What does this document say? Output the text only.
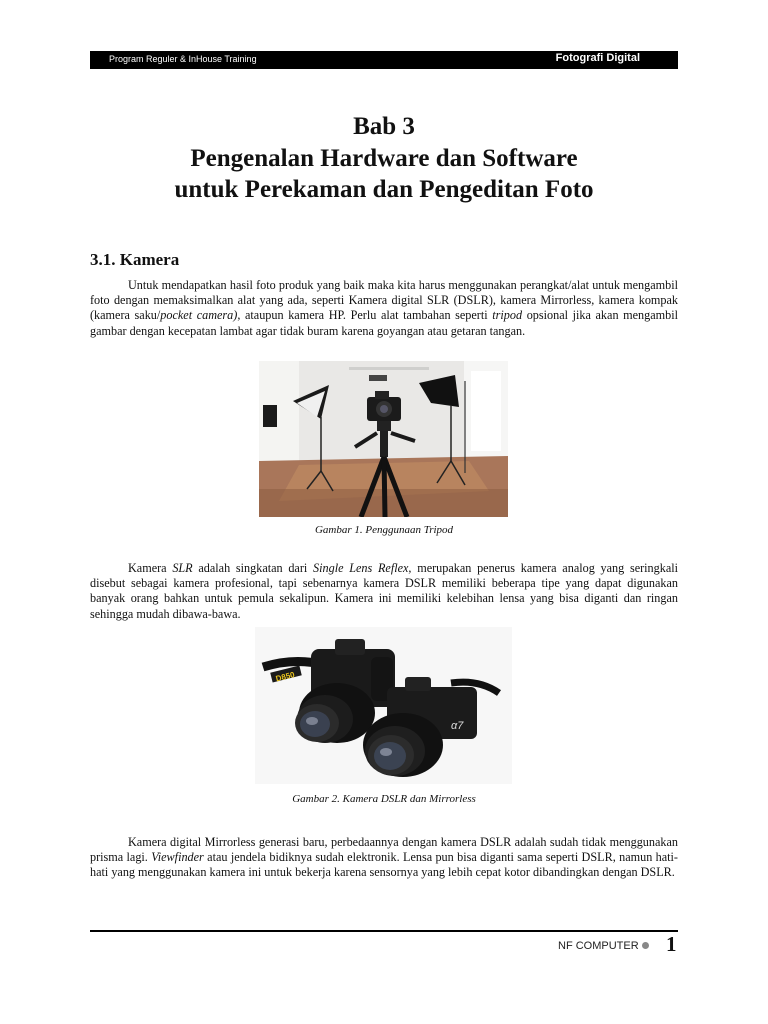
Program Reguler & InHouse Training	Fotografi Digital
Bab 3
Pengenalan Hardware dan Software
untuk Perekaman dan Pengeditan Foto
3.1. Kamera

Untuk mendapatkan hasil foto produk yang baik maka kita harus menggunakan perangkat/alat untuk mengambil foto dengan memaksimalkan alat yang ada, seperti Kamera digital SLR (DSLR), kamera Mirrorless, kamera kompak (kamera saku/pocket camera), ataupun kamera HP. Perlu alat tambahan seperti tripod opsional jika akan mengambil gambar dengan kecepatan lambat agar tidak buram karena goyangan atau getaran tangan.

Gambar 1. Penggunaan Tripod

Kamera SLR adalah singkatan dari Single Lens Reflex, merupakan penerus kamera analog yang seringkali disebut sebagai kamera profesional, tapi sebenarnya kamera DSLR memiliki beberapa tipe yang dapat digunakan banyak orang bahkan untuk pemula sekalipun. Kamera ini memiliki kelebihan lensa yang bisa diganti dan ringan sehingga mudah dibawa-bawa.

D850
α7
Gambar 2. Kamera DSLR dan Mirrorless

Kamera digital Mirrorless generasi baru, perbedaannya dengan kamera DSLR adalah sudah tidak menggunakan prisma lagi. Viewfinder atau jendela bidiknya sudah elektronik. Lensa pun bisa diganti sama seperti DSLR, namun hati-hati yang menggunakan kamera ini untuk bekerja karena sensornya yang lebih cepat kotor dibandingkan dengan DSLR.

NF COMPUTER 1
